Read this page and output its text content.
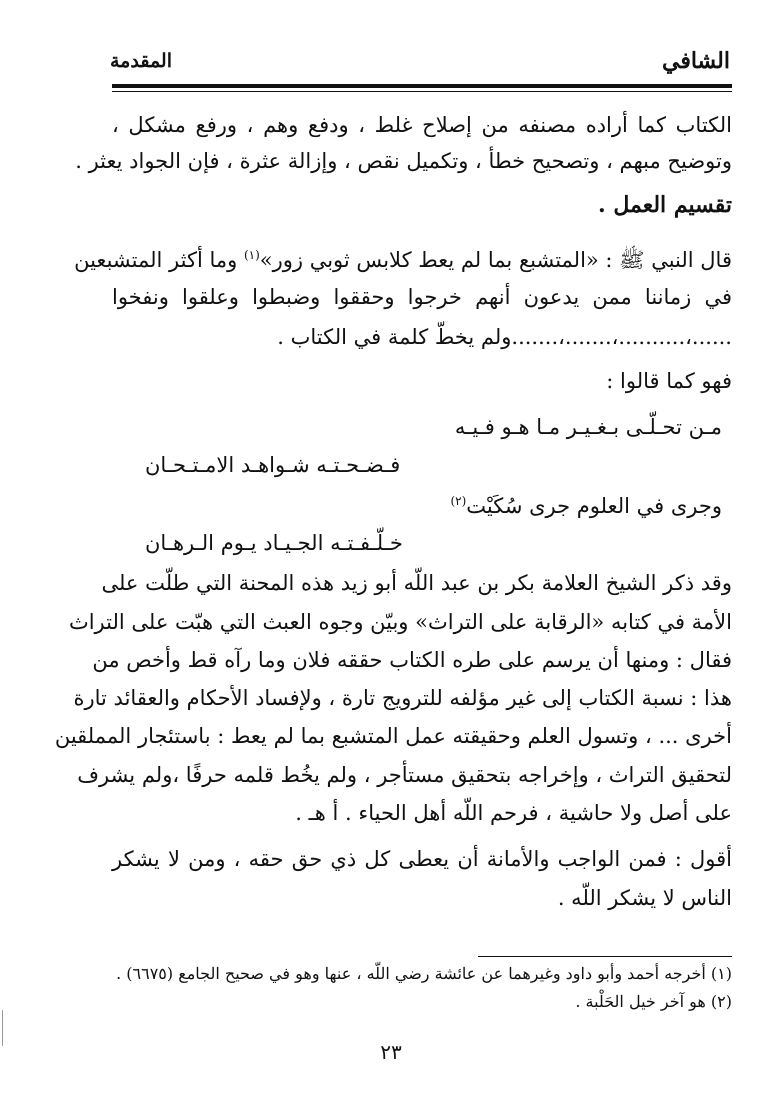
الشافي
المقدمة
الكتاب كما أراده مصنفه من إصلاح غلط ، ودفع وهم ، ورفع مشكل ،
وتوضيح مبهم ، وتصحيح خطأ ، وتكميل نقص ، وإزالة عثرة ، فإن الجواد يعثر .
تقسيم العمل .
قال النبي ﷺ : «المتشبع بما لم يعط كلابس ثوبي زور»$^{(١)}$ وما أكثر المتشبعين
في زماننا ممن يدعون أنهم خرجوا وحققوا وضبطوا وعلقوا ونفخوا
......،..........،.......،.......ولم يخطّ كلمة في الكتاب .
فهو كما قالوا :
مـن تحـلّـى بـغـيـر مـا هـو فـيـه
فـضـحـتـه شـواهـد الامـتـحـان
وجرى في العلوم جرى سُكَيْت$^{(٢)}$
خـلّـفـتـه الجـيـاد يـوم الـرهـان
وقد ذكر الشيخ العلامة بكر بن عبد اللّه أبو زيد هذه المحنة التي طلّت على
الأمة في كتابه «الرقابة على التراث» وبيّن وجوه العبث التي هبّت على التراث
فقال : ومنها أن يرسم على طره الكتاب حققه فلان وما رآه قط وأخص من
هذا : نسبة الكتاب إلى غير مؤلفه للترويج تارة ، ولإفساد الأحكام والعقائد تارة
أخرى ... ، وتسول العلم وحقيقته عمل المتشبع بما لم يعط : باستئجار المملقين
لتحقيق التراث ، وإخراجه بتحقيق مستأجر ، ولم يخُط قلمه حرفًا ،ولم يشرف
على أصل ولا حاشية ، فرحم اللّه أهل الحياء . أ هـ .
أقول : فمن الواجب والأمانة أن يعطى كل ذي حق حقه ، ومن لا يشكر
الناس لا يشكر اللّه .
(١) أخرجه أحمد وأبو داود وغيرهما عن عائشة رضي اللّه ، عنها وهو في صحيح الجامع (٦٦٧٥) .
(٢) هو آخر خيل الحَلْبة .
٢٣
